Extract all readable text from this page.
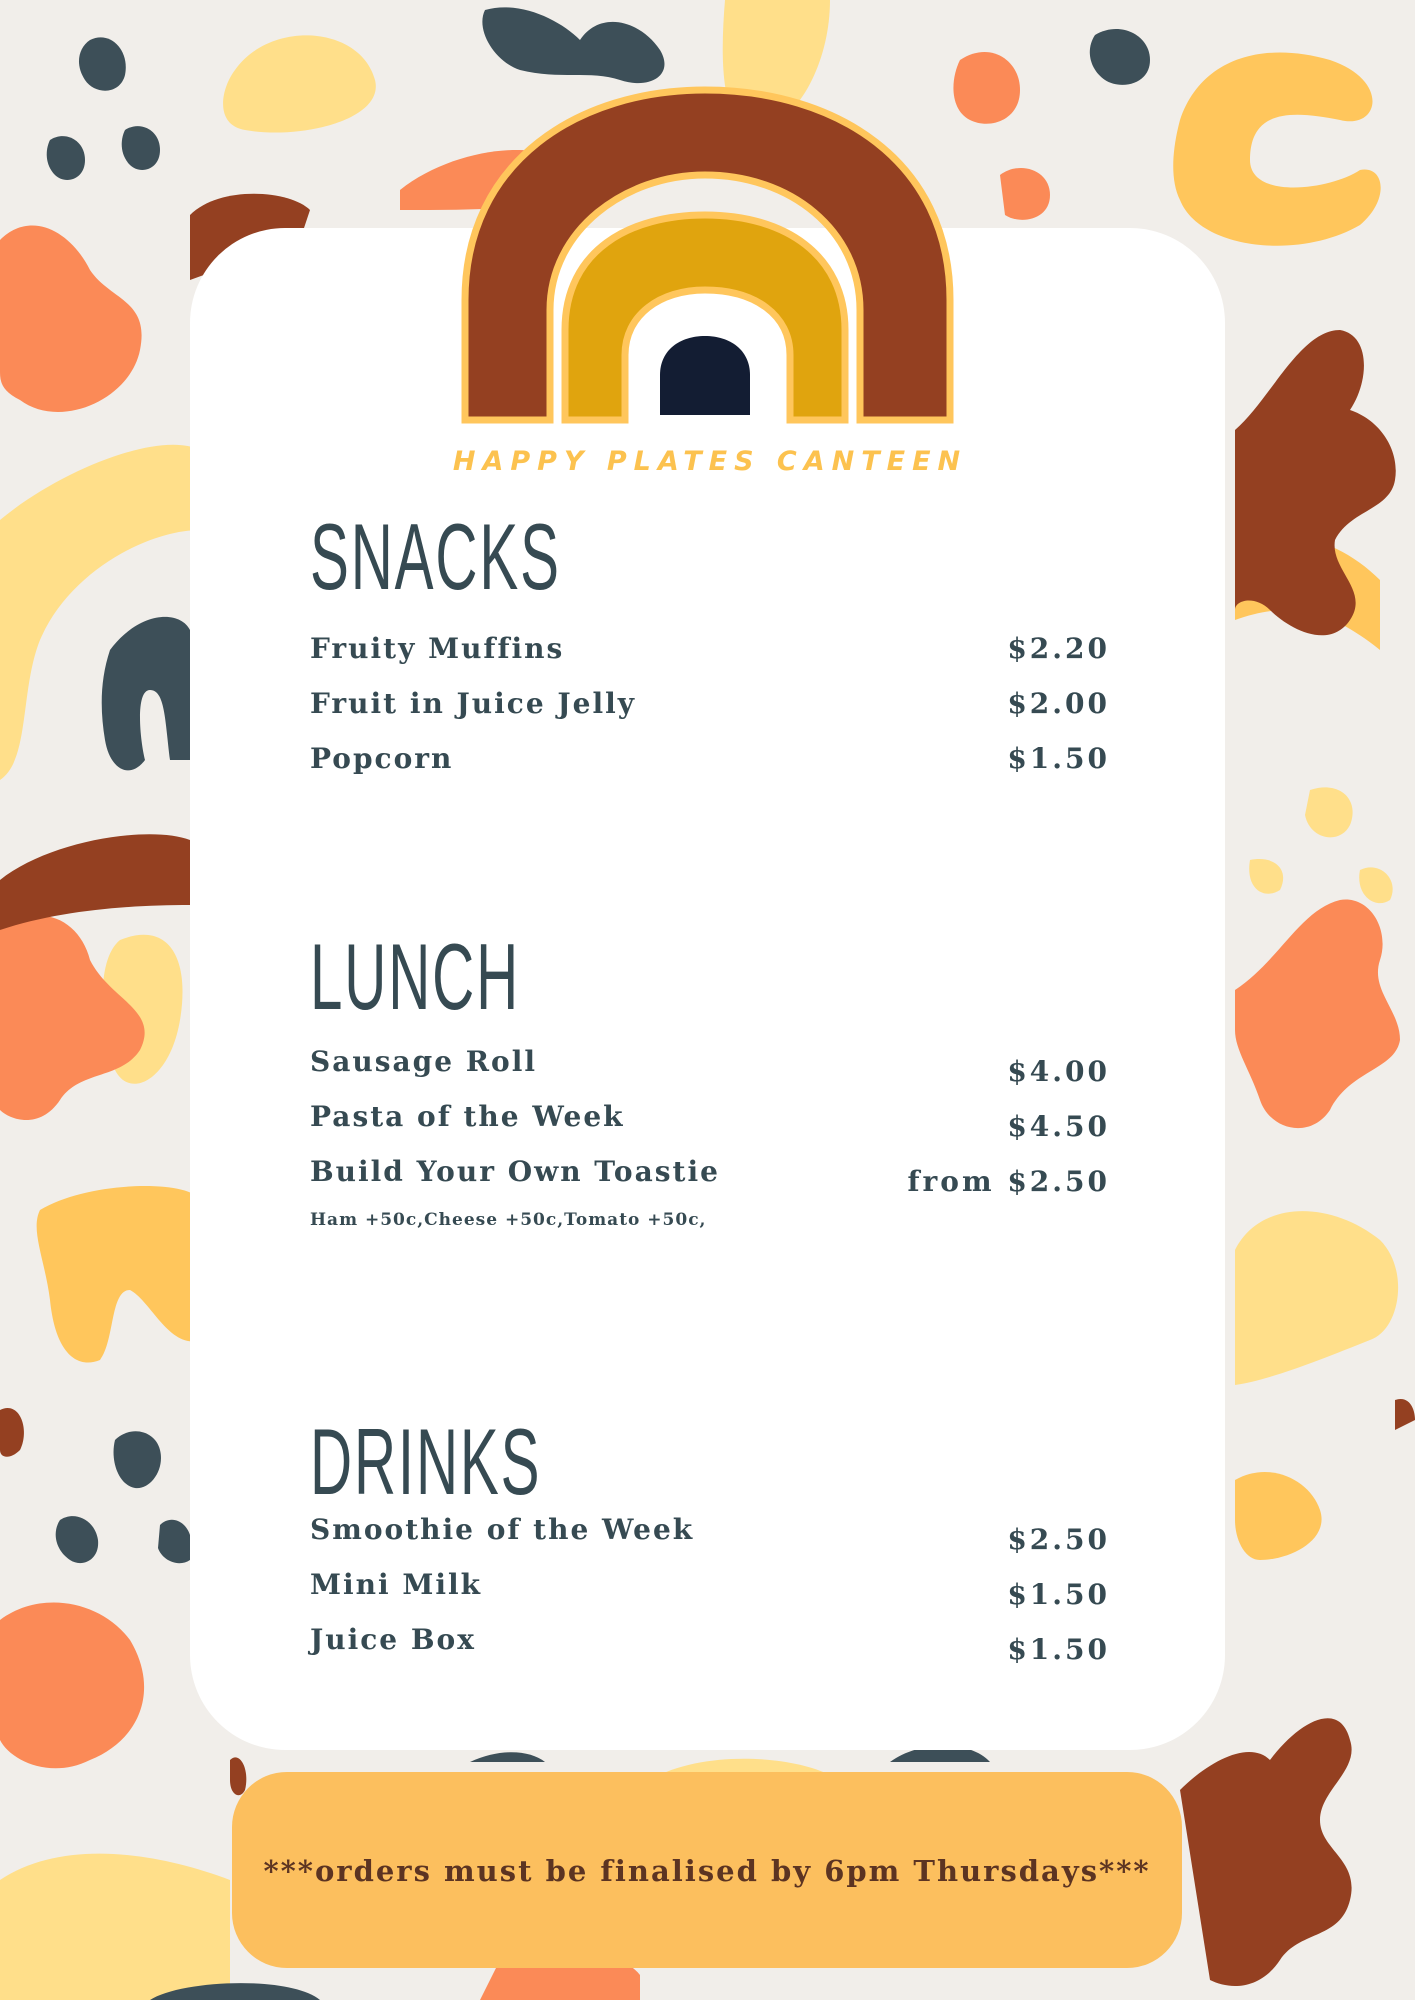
HAPPY PLATES CANTEEN
SNACKS
Fruity Muffins	$2.20
Fruit in Juice Jelly	$2.00
Popcorn	$1.50
LUNCH
Sausage Roll	$4.00
Pasta of the Week	$4.50
Build Your Own Toastie	from $2.50
Ham +50c,Cheese +50c,Tomato +50c,
DRINKS
Smoothie of the Week	$2.50
Mini Milk	$1.50
Juice Box	$1.50
***orders must be finalised by 6pm Thursdays***
